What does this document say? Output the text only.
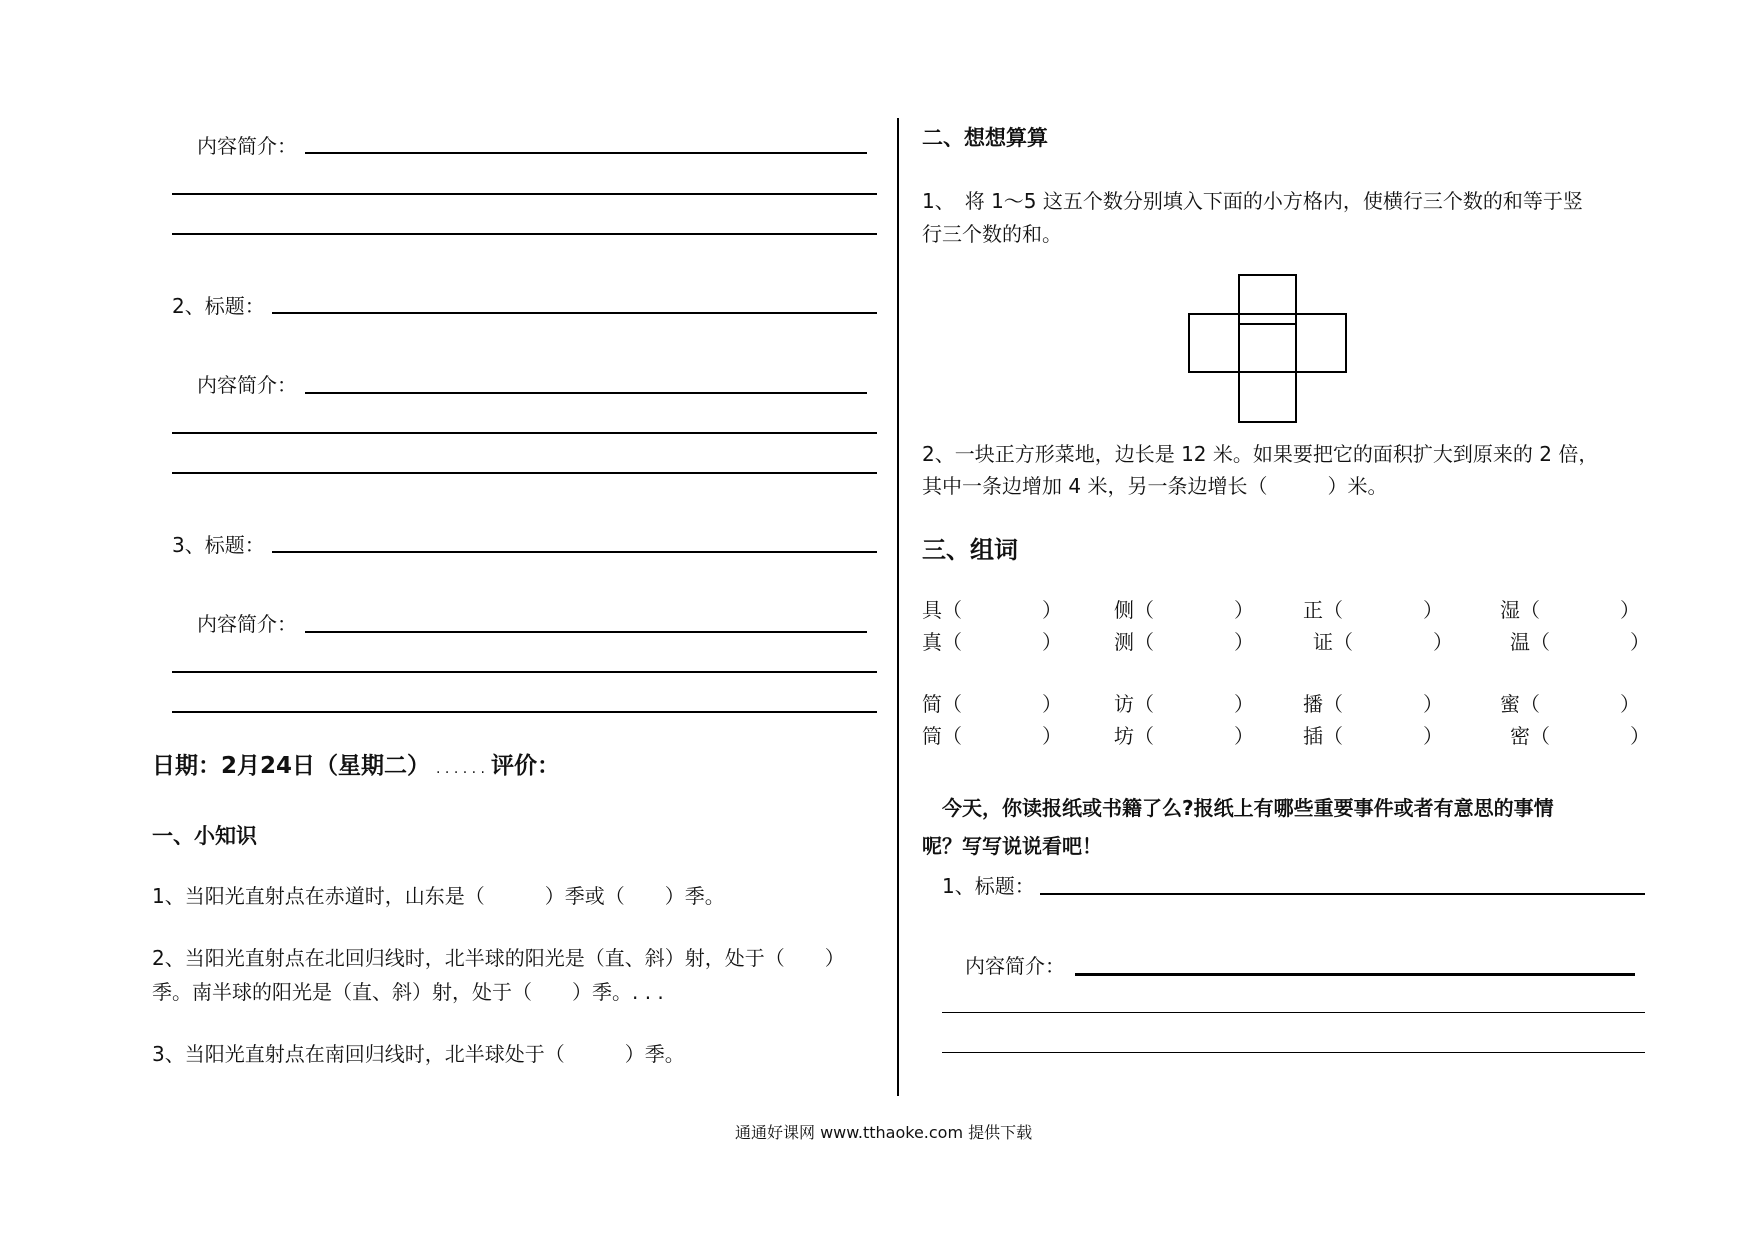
内容简介：
2、标题：
内容简介：
3、标题：
内容简介：
日期：2月24日（星期二） . . . . . . 评价：
一、小知识
1、当阳光直射点在赤道时，山东是（　　　）季或（　　）季。
2、当阳光直射点在北回归线时，北半球的阳光是（直、斜）射，处于（　　）
季。南半球的阳光是（直、斜）射，处于（　　）季。. . .
3、当阳光直射点在南回归线时，北半球处于（　　　）季。
二、想想算算
1、　将 1～5 这五个数分别填入下面的小方格内，使横行三个数的和等于竖
行三个数的和。
2、一块正方形菜地，边长是 12 米。如果要把它的面积扩大到原来的 2 倍，
其中一条边增加 4 米，另一条边增长（　　　）米。
三、组词
具（　　　　）	侧（　　　　） 正（　　　　）	湿（　　　　）
真（　　　　）	测（　　　　）	证（　　　　）	温（　　　　）
简（　　　　）	访（　　　　） 播（　　　　）	蜜（　　　　）
筒（　　　　）	坊（　　　　） 插（　　　　）	密（　　　　）
今天，你读报纸或书籍了么?报纸上有哪些重要事件或者有意思的事情
呢？写写说说看吧！
1、标题：
内容简介：
通通好课网 www.tthaoke.com 提供下载
